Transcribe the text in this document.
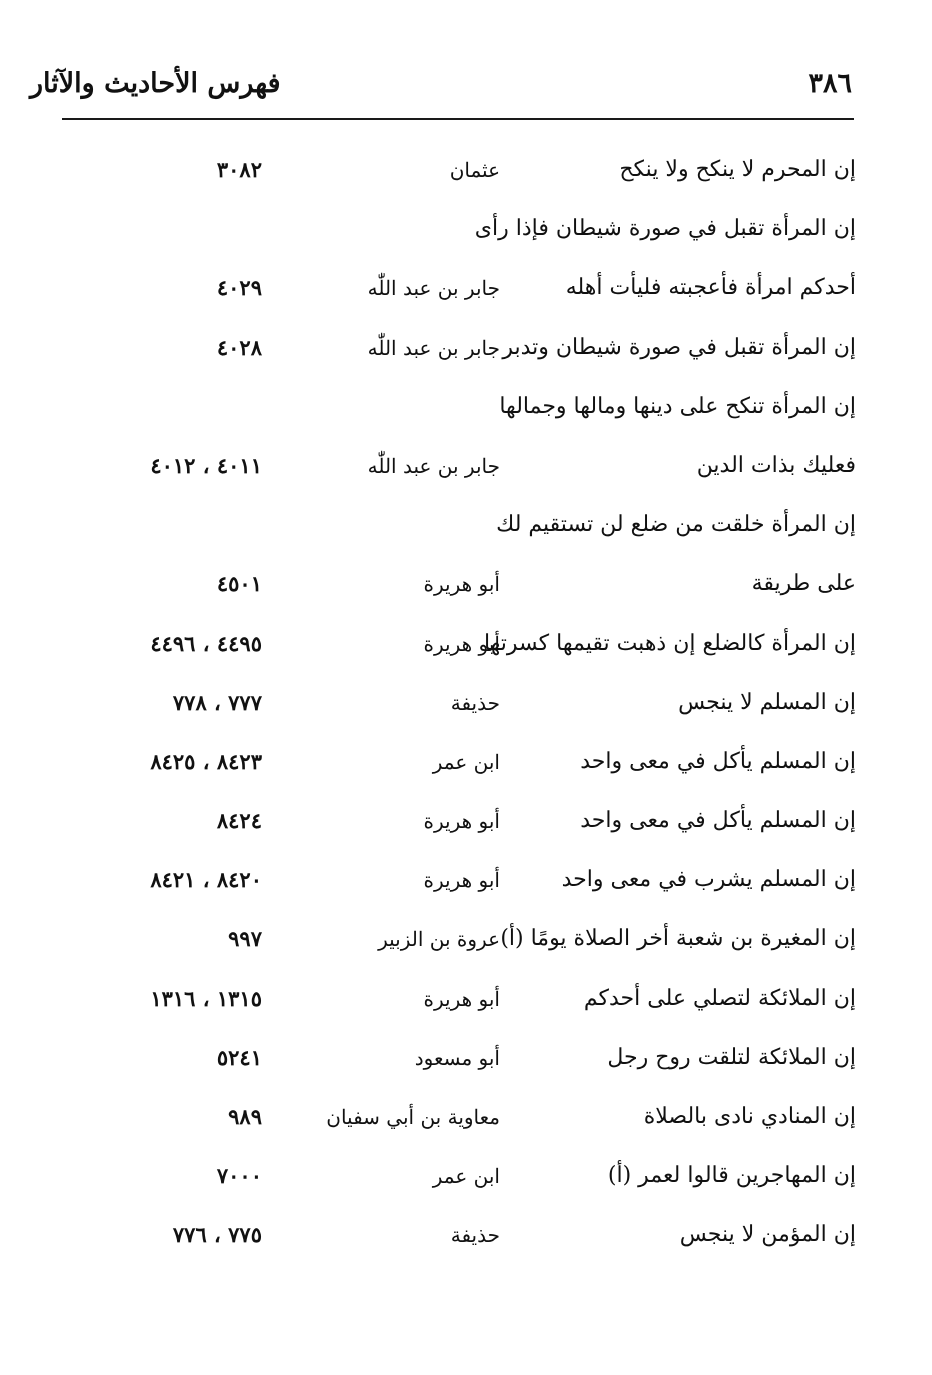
٣٨٦
فهرس الأحاديث والآثار
إن المحرم لا ينكح ولا ينكح
عثمان
٣٠٨٢
إن المرأة تقبل في صورة شيطان فإذا رأى
أحدكم امرأة فأعجبته فليأت أهله
جابر بن عبد اللّٰه
٤٠٢٩
إن المرأة تقبل في صورة شيطان وتدبر
جابر بن عبد اللّٰه
٤٠٢٨
إن المرأة تنكح على دينها ومالها وجمالها
فعليك بذات الدين
جابر بن عبد اللّٰه
٤٠١١ ، ٤٠١٢
إن المرأة خلقت من ضلع لن تستقيم لك
على طريقة
أبو هريرة
٤٥٠١
إن المرأة كالضلع إن ذهبت تقيمها كسرتها
أبو هريرة
٤٤٩٥ ، ٤٤٩٦
إن المسلم لا ينجس
حذيفة
٧٧٧ ، ٧٧٨
إن المسلم يأكل في معى واحد
ابن عمر
٨٤٢٣ ، ٨٤٢٥
إن المسلم يأكل في معى واحد
أبو هريرة
٨٤٢٤
إن المسلم يشرب في معى واحد
أبو هريرة
٨٤٢٠ ، ٨٤٢١
إن المغيرة بن شعبة أخر الصلاة يومًا (أ)
عروة بن الزبير
٩٩٧
إن الملائكة لتصلي على أحدكم
أبو هريرة
١٣١٥ ، ١٣١٦
إن الملائكة لتلقت روح رجل
أبو مسعود
٥٢٤١
إن المنادي نادى بالصلاة
معاوية بن أبي سفيان
٩٨٩
إن المهاجرين قالوا لعمر (أ)
ابن عمر
٧٠٠٠
إن المؤمن لا ينجس
حذيفة
٧٧٥ ، ٧٧٦
